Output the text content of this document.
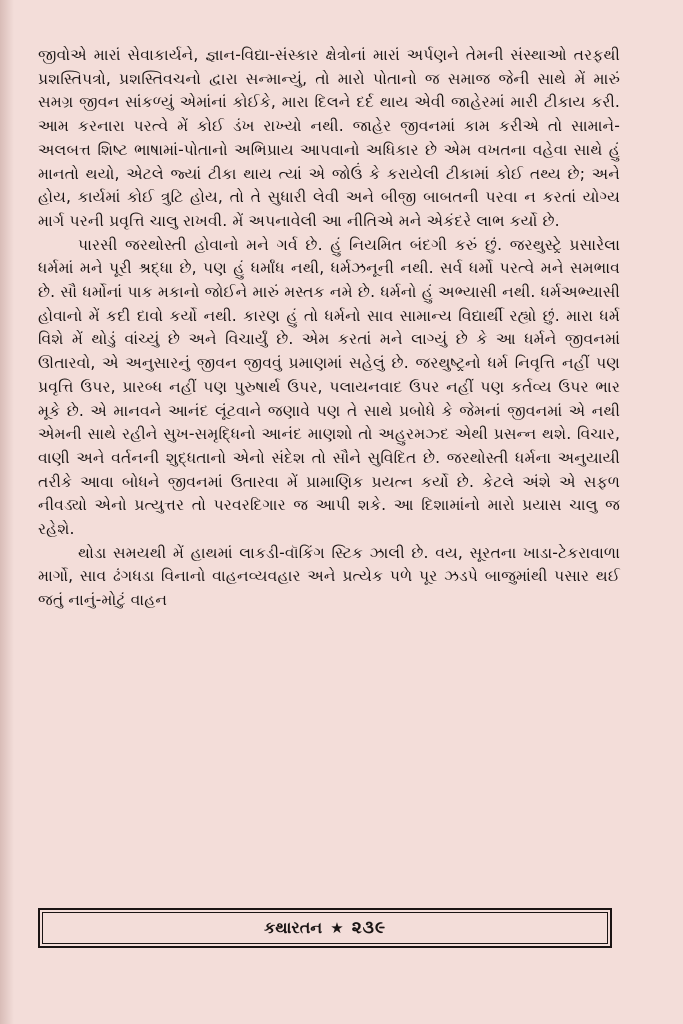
જીવોએ મારાં સેવાકાર્યને, જ્ઞાન-વિદ્યા-સંસ્કાર ક્ષેત્રોનાં મારાં અર્પણને તેમની સંસ્થાઓ તરફથી પ્રશસ્તિપત્રો, પ્રશસ્તિવચનો દ્વારા સન્માન્યું, તો મારો પોતાનો જ સમાજ જેની સાથે મેં મારું સમગ્ર જીવન સાંકળ્યું એમાંનાં કોઈકે, મારા દિલને દર્દ થાય એવી જાહેરમાં મારી ટીકાય કરી. આમ કરનારા પરત્વે મેં કોઈ ડંખ રાખ્યો નથી. જાહેર જીવનમાં કામ કરીએ તો સામાને-અલબત્ત શિષ્ટ ભાષામાં-પોતાનો અભિપ્રાય આપવાનો અધિકાર છે એમ વખતના વહેવા સાથે હું માનતો થયો, એટલે જ્યાં ટીકા થાય ત્યાં એ જોઉં કે કરાયેલી ટીકામાં કોઈ તથ્ય છે; અને હોય, કાર્યમાં કોઈ ત્રુટિ હોય, તો તે સુધારી લેવી અને બીજી બાબતની પરવા ન કરતાં યોગ્ય માર્ગ પરની પ્રવૃત્તિ ચાલુ રાખવી. મેં અપનાવેલી આ નીતિએ મને એકંદરે લાભ કર્યો છે.

પારસી જરથોસ્તી હોવાનો મને ગર્વ છે. હું નિયમિત બંદગી કરું છું. જરથુસ્ટ્રે પ્રસારેલા ધર્મમાં મને પૂરી શ્રદ્ધા છે, પણ હું ધર્માંધ નથી, ધર્મઝનૂની નથી. સર્વ ધર્મો પરત્વે મને સમભાવ છે. સૌ ધર્મોનાં પાક મકાનો જોઈને મારું મસ્તક નમે છે. ધર્મનો હું અભ્યાસી નથી. ધર્મઅભ્યાસી હોવાનો મેં કદી દાવો કર્યો નથી. કારણ હું તો ધર્મનો સાવ સામાન્ય વિદ્યાર્થી રહ્યો છું. મારા ધર્મ વિશે મેં થોડું વાંચ્યું છે અને વિચાર્યું છે. એમ કરતાં મને લાગ્યું છે કે આ ધર્મને જીવનમાં ઊતારવો, એ અનુસારનું જીવન જીવવું પ્રમાણમાં સહેલું છે. જરથુષ્ટ્રનો ધર્મ નિવૃત્તિ નહીં પણ પ્રવૃત્તિ ઉપર, પ્રારબ્ધ નહીં પણ પુરુષાર્થ ઉપર, પલાયનવાદ ઉપર નહીં પણ કર્તવ્ય ઉપર ભાર મૂકે છે. એ માનવને આનંદ લૂંટવાને જણાવે પણ તે સાથે પ્રબોધે કે જેમનાં જીવનમાં એ નથી એમની સાથે રહીને સુખ-સમૃદ્ધિનો આનંદ માણશો તો અહુરમઝ્દ એથી પ્રસન્ન થશે. વિચાર, વાણી અને વર્તનની શુદ્ધતાનો એનો સંદેશ તો સૌને સુવિદિત છે. જરથોસ્તી ધર્મના અનુયાયી તરીકે આવા બોધને જીવનમાં ઉતારવા મેં પ્રામાણિક પ્રયત્ન કર્યો છે. કેટલે અંશે એ સફળ નીવડ્યો એનો પ્રત્યુત્તર તો પરવરદિગાર જ આપી શકે. આ દિશામાંનો મારો પ્રયાસ ચાલુ જ રહેશે.

થોડા સમયથી મેં હાથમાં લાકડી-વૉકિંગ સ્ટિક ઝાલી છે. વય, સૂરતના ખાડા-ટેકરાવાળા માર્ગો, સાવ ઢંગધડા વિનાનો વાહનવ્યવહાર અને પ્રત્યેક પળે પૂર ઝડપે બાજુમાંથી પસાર થઈ જતું નાનું-મોટું વાહન

કથારતન ★ ૨૩૯
